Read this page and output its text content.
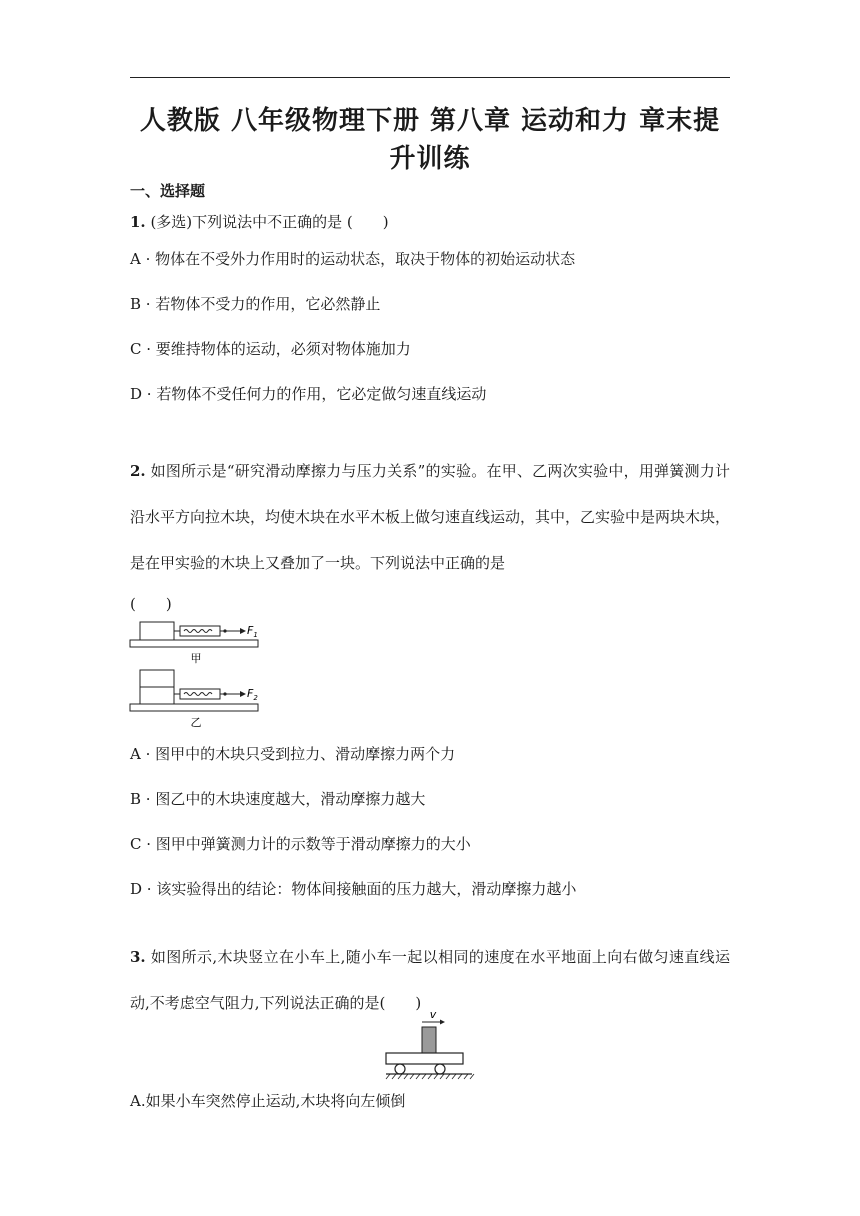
人教版 八年级物理下册 第八章 运动和力 章末提升训练
一、选择题
1. (多选)下列说法中不正确的是 (　　)
A · 物体在不受外力作用时的运动状态，取决于物体的初始运动状态
B · 若物体不受力的作用，它必然静止
C · 要维持物体的运动，必须对物体施加力
D · 若物体不受任何力的作用，它必定做匀速直线运动
2. 如图所示是“研究滑动摩擦力与压力关系”的实验。在甲、乙两次实验中，用弹簧测力计沿水平方向拉木块，均使木块在水平木板上做匀速直线运动，其中，乙实验中是两块木块，是在甲实验的木块上又叠加了一块。下列说法中正确的是
(　　)
$F_1$
甲
$F_2$
乙
A · 图甲中的木块只受到拉力、滑动摩擦力两个力
B · 图乙中的木块速度越大，滑动摩擦力越大
C · 图甲中弹簧测力计的示数等于滑动摩擦力的大小
D · 该实验得出的结论：物体间接触面的压力越大，滑动摩擦力越小
3. 如图所示,木块竖立在小车上,随小车一起以相同的速度在水平地面上向右做匀速直线运动,不考虑空气阻力,下列说法正确的是(　　)
v
A.如果小车突然停止运动,木块将向左倾倒
